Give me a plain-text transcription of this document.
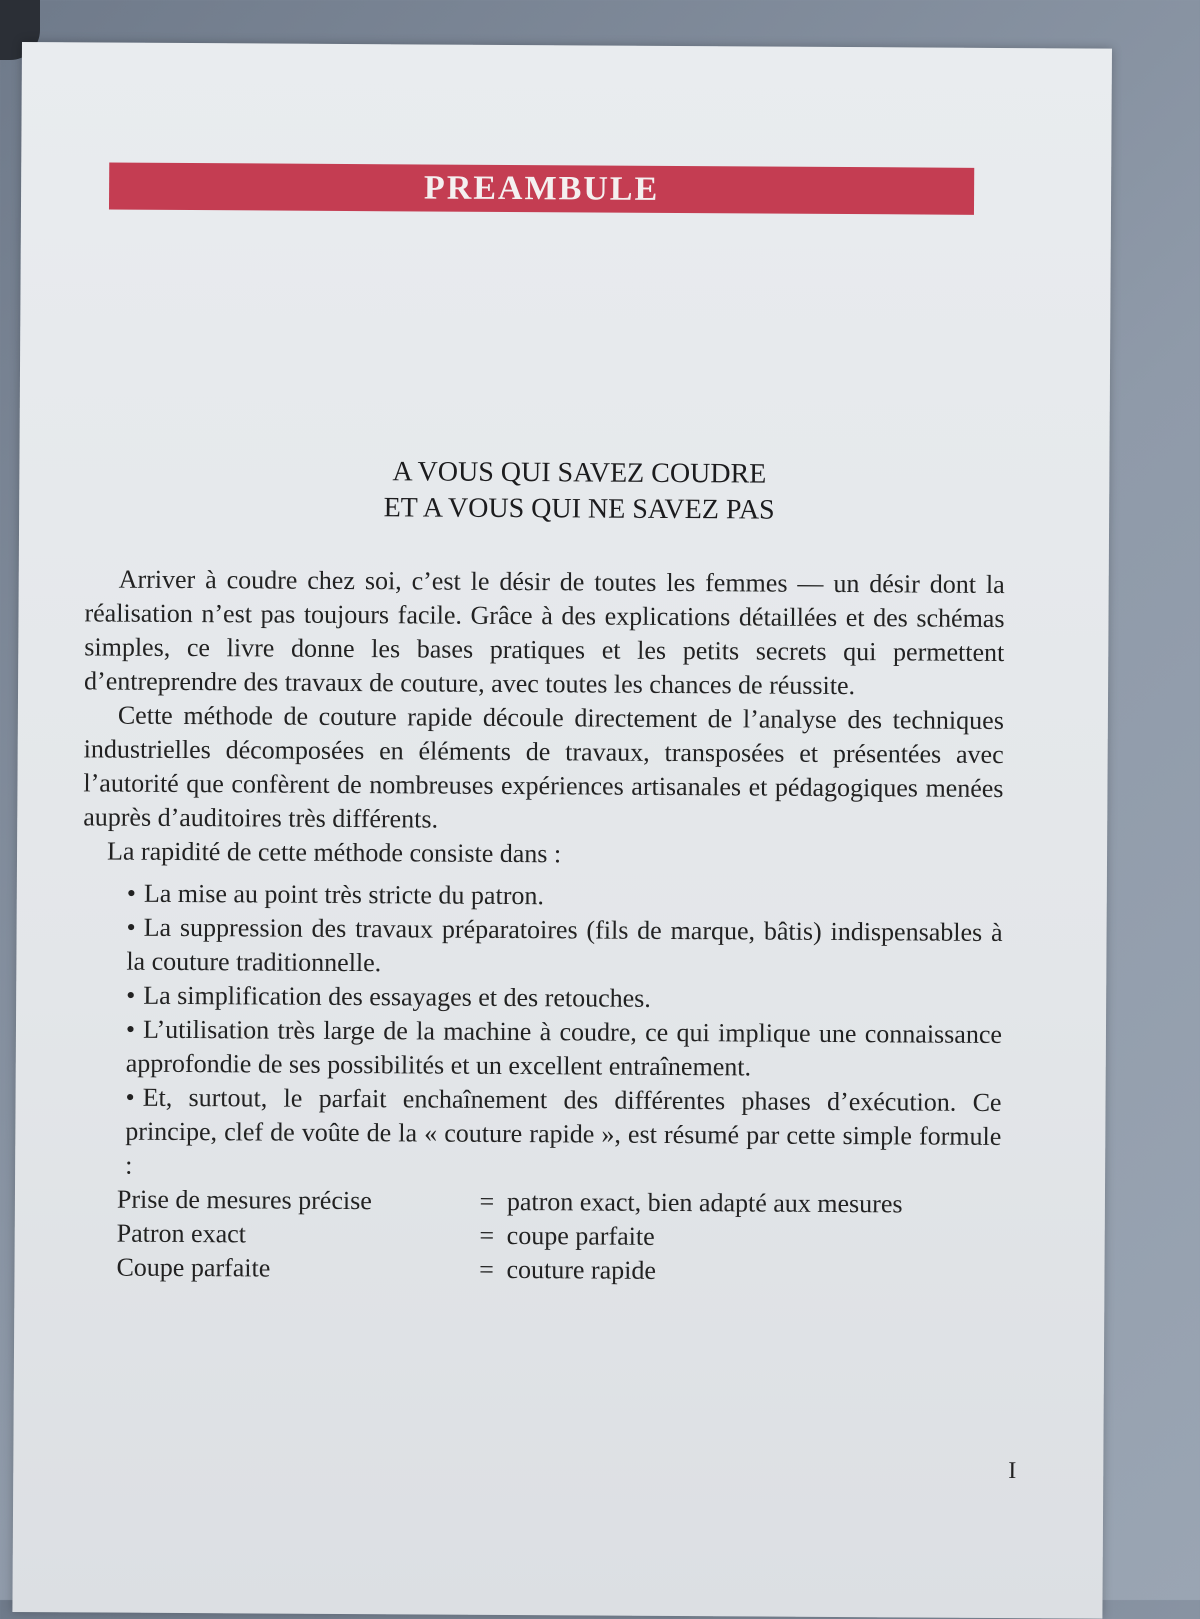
PREAMBULE
A VOUS QUI SAVEZ COUDRE
ET A VOUS QUI NE SAVEZ PAS

Arriver à coudre chez soi, c’est le désir de toutes les femmes — un désir dont la réalisation n’est pas toujours facile. Grâce à des explications détaillées et des schémas simples, ce livre donne les bases pratiques et les petits secrets qui permettent d’entreprendre des travaux de couture, avec toutes les chances de réussite.

Cette méthode de couture rapide découle directement de l’analyse des techniques industrielles décomposées en éléments de travaux, transposées et présentées avec l’autorité que confèrent de nombreuses expériences artisanales et pédagogiques menées auprès d’auditoires très différents.

La rapidité de cette méthode consiste dans :

• La mise au point très stricte du patron.

• La suppression des travaux préparatoires (fils de marque, bâtis) indispensables à la couture traditionnelle.

• La simplification des essayages et des retouches.

• L’utilisation très large de la machine à coudre, ce qui implique une connaissance approfondie de ses possibilités et un excellent entraînement.

• Et, surtout, le parfait enchaînement des différentes phases d’exécution. Ce principe, clef de voûte de la « couture rapide », est résumé par cette simple formule :

Prise de mesures précise	= patron exact, bien adapté aux mesures
Patron exact	= coupe parfaite
Coupe parfaite	= couture rapide
I
